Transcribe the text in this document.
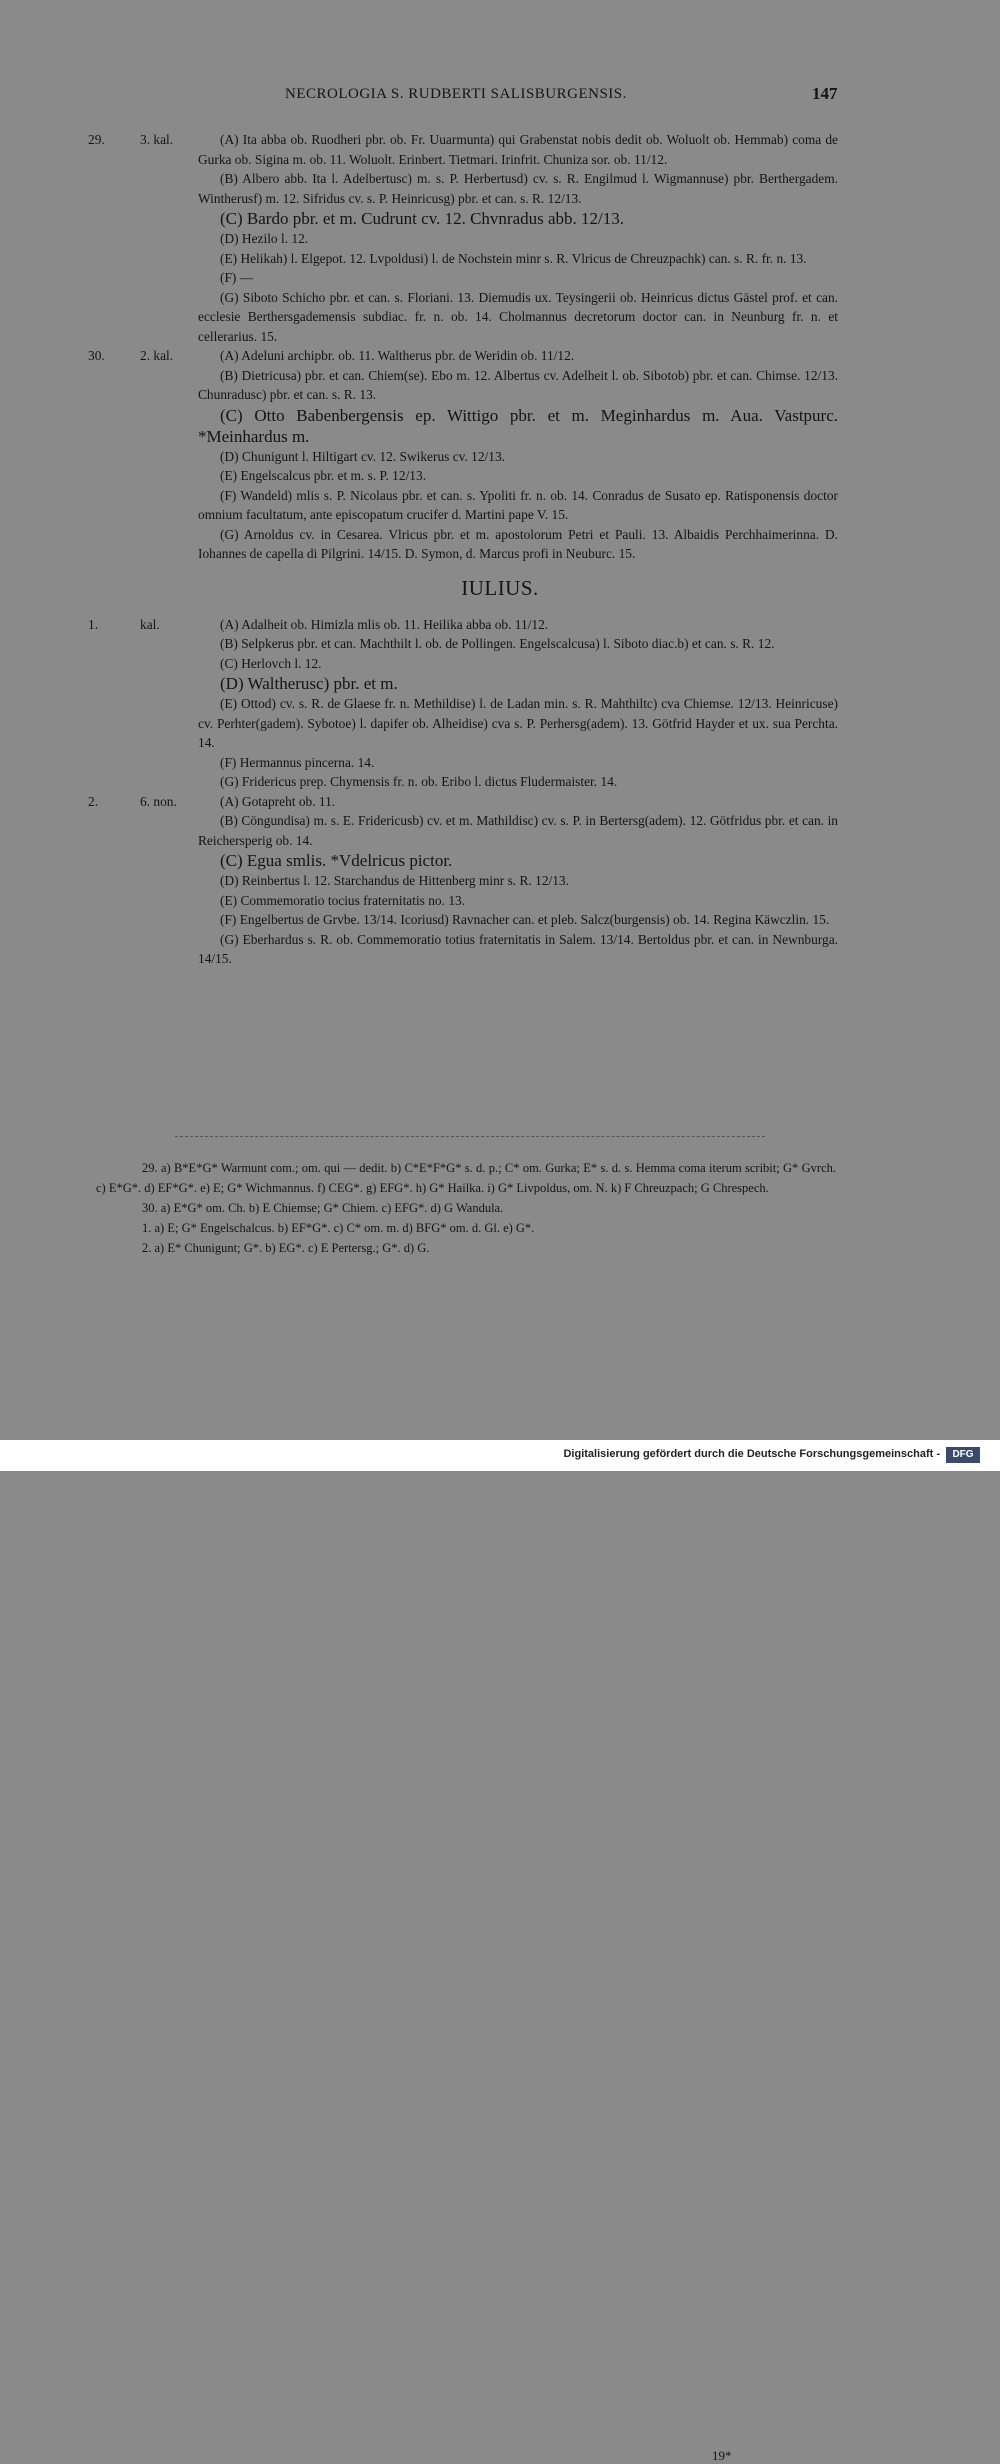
NECROLOGIA S. RUDBERTI SALISBURGENSIS.	147
29.	3. kal.	(A) Ita abba ob. Ruodheri pbr. ob. Fr. Uuarmunta) qui Grabenstat nobis dedit ob. Woluolt ob. Hemmab) coma de Gurka ob. Sigina m. ob. 11. Woluolt. Erinbert. Tietmari. Irinfrit. Chuniza sor. ob. 11/12.
(B) Albero abb. Ita l. Adelbertusc) m. s. P. Herbertusd) cv. s. R. Engilmud l. Wigmannuse) pbr. Berthergadem. Wintherusf) m. 12. Sifridus cv. s. P. Heinricusg) pbr. et can. s. R. 12/13.
(C) Bardo pbr. et m. Cudrunt cv. 12. Chvnradus abb. 12/13.
(D) Hezilo l. 12.
(E) Helikah) l. Elgepot. 12. Lvpoldusi) l. de Nochstein minr s. R. Vlricus de Chreuzpachk) can. s. R. fr. n. 13.
(F) —
(G) Siboto Schicho pbr. et can. s. Floriani. 13. Diemudis ux. Teysingerii ob. Heinricus dictus Gästel prof. et can. ecclesie Berthersgademensis subdiac. fr. n. ob. 14. Cholmannus decretorum doctor can. in Neunburg fr. n. et cellerarius. 15.
30.	2. kal.	(A) Adeluni archipbr. ob. 11. Waltherus pbr. de Weridin ob. 11/12.
(B) Dietricusa) pbr. et can. Chiem(se). Ebo m. 12. Albertus cv. Adelheit l. ob. Sibotob) pbr. et can. Chimse. 12/13. Chunradusc) pbr. et can. s. R. 13.
(C) Otto Babenbergensis ep. Wittigo pbr. et m. Meginhardus m. Aua. Vastpurc. *Meinhardus m.
(D) Chunigunt l. Hiltigart cv. 12. Swikerus cv. 12/13.
(E) Engelscalcus pbr. et m. s. P. 12/13.
(F) Wandeld) mlis s. P. Nicolaus pbr. et can. s. Ypoliti fr. n. ob. 14. Conradus de Susato ep. Ratisponensis doctor omnium facultatum, ante episcopatum crucifer d. Martini pape V. 15.
(G) Arnoldus cv. in Cesarea. Vlricus pbr. et m. apostolorum Petri et Pauli. 13. Albaidis Perchhaimerinna. D. Iohannes de capella di Pilgrini. 14/15. D. Symon, d. Marcus profi in Neuburc. 15.
IULIUS.
1.	kal.	(A) Adalheit ob. Himizla mlis ob. 11. Heilika abba ob. 11/12.
(B) Selpkerus pbr. et can. Machthilt l. ob. de Pollingen. Engelscalcusa) l. Siboto diac.b) et can. s. R. 12.
(C) Herlovch l. 12.
(D) Waltherusc) pbr. et m.
(E) Ottod) cv. s. R. de Glaese fr. n. Methildise) l. de Ladan min. s. R. Mahthiltc) cva Chiemse. 12/13. Heinricuse) cv. Perhter(gadem). Sybotoe) l. dapifer ob. Alheidise) cva s. P. Perhersg(adem). 13. Götfrid Hayder et ux. sua Perchta. 14.
(F) Hermannus pincerna. 14.
(G) Fridericus prep. Chymensis fr. n. ob. Eribo l. dictus Fludermaister. 14.
2.	6. non.	(A) Gotapreht ob. 11.
(B) Cöngundisa) m. s. E. Fridericusb) cv. et m. Mathildisc) cv. s. P. in Bertersg(adem). 12. Götfridus pbr. et can. in Reichersperig ob. 14.
(C) Egua smlis. *Vdelricus pictor.
(D) Reinbertus l. 12. Starchandus de Hittenberg minr s. R. 12/13.
(E) Commemoratio tocius fraternitatis no. 13.
(F) Engelbertus de Grvbe. 13/14. Icoriusd) Ravnacher can. et pleb. Salcz(burgensis) ob. 14. Regina Käwczlin. 15.
(G) Eberhardus s. R. ob. Commemoratio totius fraternitatis in Salem. 13/14. Bertoldus pbr. et can. in Newnburga. 14/15.
29. a) B*E*G* Warmunt com.; om. qui — dedit. b) C*E*F*G* s. d. p.; C* om. Gurka; E* s. d. s. Hemma coma iterum scribit; G* Gvrch. c) E*G*. d) EF*G*. e) E; G* Wichmannus. f) CEG*. g) EFG*. h) G* Hailka. i) G* Livpoldus, om. N. k) F Chreuzpach; G Chrespech.
30. a) E*G* om. Ch. b) E Chiemse; G* Chiem. c) EFG*. d) G Wandula.
1. a) E; G* Engelschalcus. b) EF*G*. c) C* om. m. d) BFG* om. d. Gl. e) G*.
2. a) E* Chunigunt; G*. b) EG*. c) E Pertersg.; G*. d) G.
19*
Digitalisierung gefördert durch die Deutsche Forschungsgemeinschaft -	DFG
